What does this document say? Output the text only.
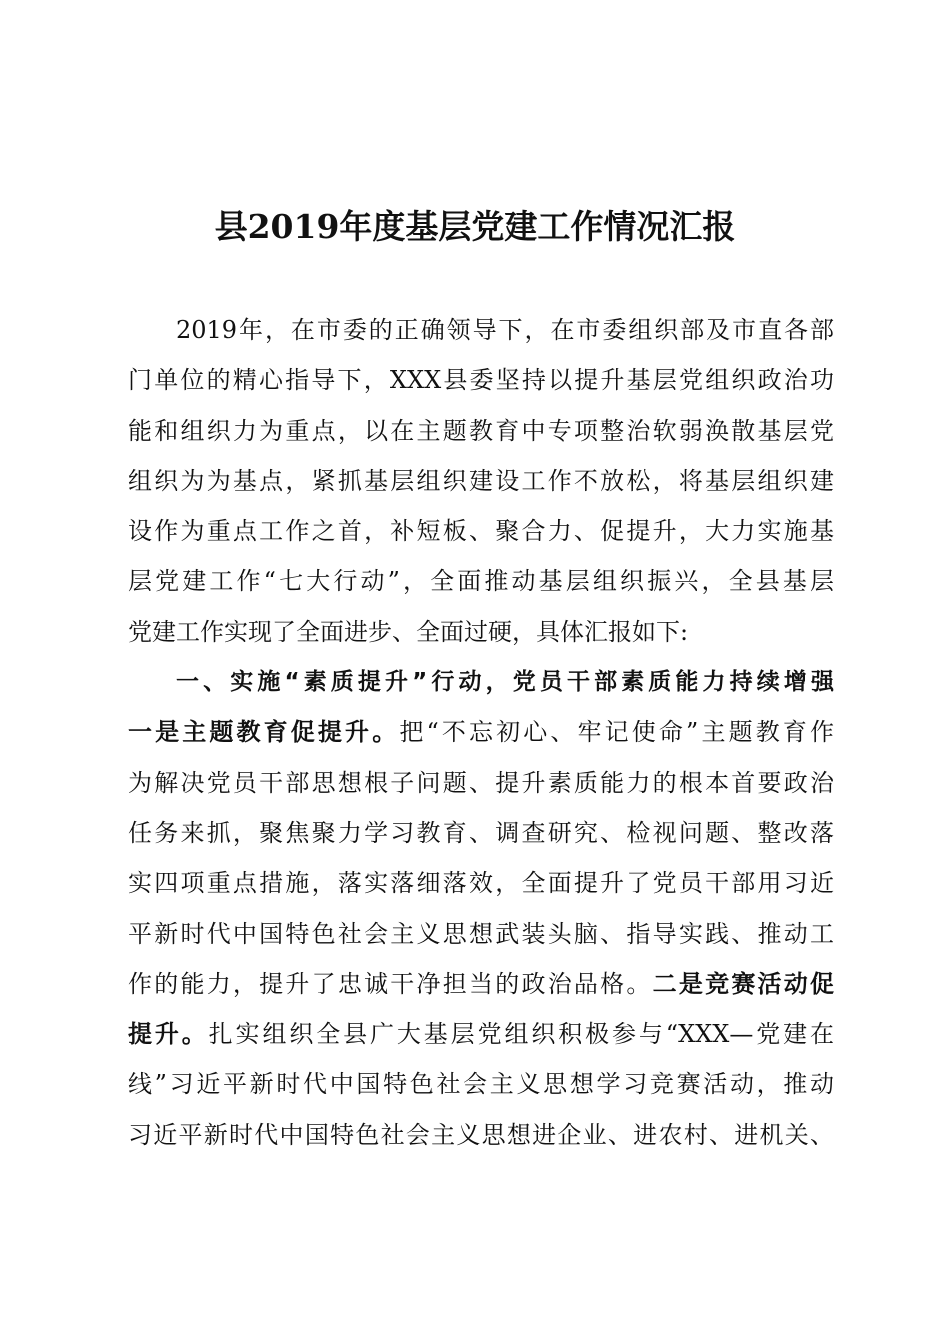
县2019年度基层党建工作情况汇报
2019年，在市委的正确领导下，在市委组织部及市直各部
门单位的精心指导下，XXX县委坚持以提升基层党组织政治功
能和组织力为重点，以在主题教育中专项整治软弱涣散基层党
组织为为基点，紧抓基层组织建设工作不放松，将基层组织建
设作为重点工作之首，补短板、聚合力、促提升，大力实施基
层党建工作“七大行动”，全面推动基层组织振兴，全县基层
党建工作实现了全面进步、全面过硬，具体汇报如下:
一、实施“素质提升”行动，党员干部素质能力持续增强
一是主题教育促提升。把“不忘初心、牢记使命”主题教育作
为解决党员干部思想根子问题、提升素质能力的根本首要政治
任务来抓，聚焦聚力学习教育、调查研究、检视问题、整改落
实四项重点措施，落实落细落效，全面提升了党员干部用习近
平新时代中国特色社会主义思想武装头脑、指导实践、推动工
作的能力，提升了忠诚干净担当的政治品格。二是竞赛活动促
提升。扎实组织全县广大基层党组织积极参与“XXX—党建在
线”习近平新时代中国特色社会主义思想学习竞赛活动，推动
习近平新时代中国特色社会主义思想进企业、进农村、进机关、
